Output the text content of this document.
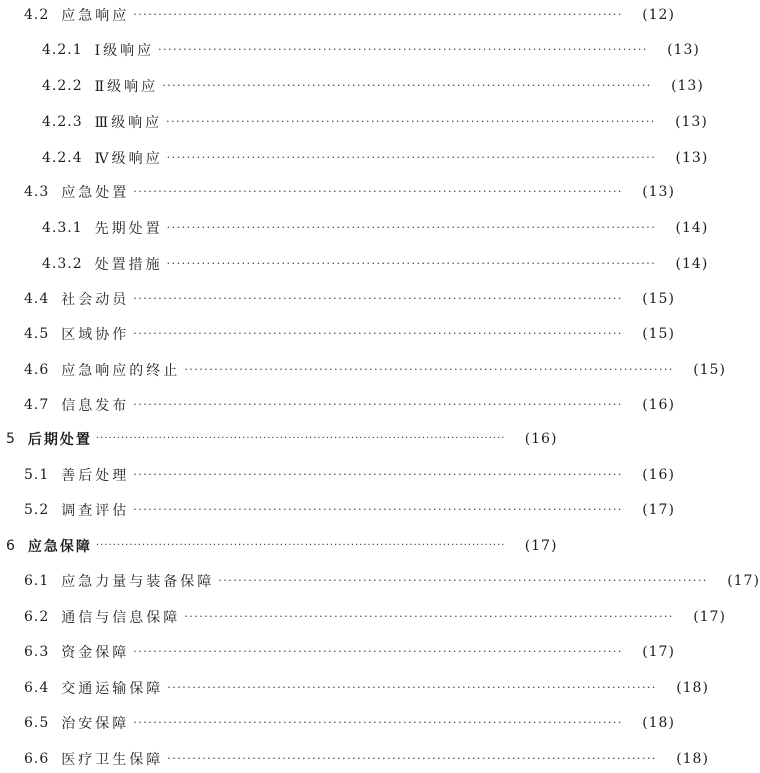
4.2 应急响应 ··································································································	(12)
4.2.1 Ⅰ级响应 ··································································································	(13)
4.2.2 Ⅱ级响应 ··································································································	(13)
4.2.3 Ⅲ级响应 ··································································································	(13)
4.2.4 Ⅳ级响应 ··································································································	(13)
4.3 应急处置 ··································································································	(13)
4.3.1 先期处置 ··································································································	(14)
4.3.2 处置措施 ··································································································	(14)
4.4 社会动员 ··································································································	(15)
4.5 区域协作 ··································································································	(15)
4.6 应急响应的终止 ··································································································	(15)
4.7 信息发布 ··································································································	(16)
5 后期处置 ··································································································	(16)
5.1 善后处理 ··································································································	(16)
5.2 调查评估 ··································································································	(17)
6 应急保障 ··································································································	(17)
6.1 应急力量与装备保障 ··································································································	(17)
6.2 通信与信息保障 ··································································································	(17)
6.3 资金保障 ··································································································	(17)
6.4 交通运输保障 ··································································································	(18)
6.5 治安保障 ··································································································	(18)
6.6 医疗卫生保障 ··································································································	(18)
